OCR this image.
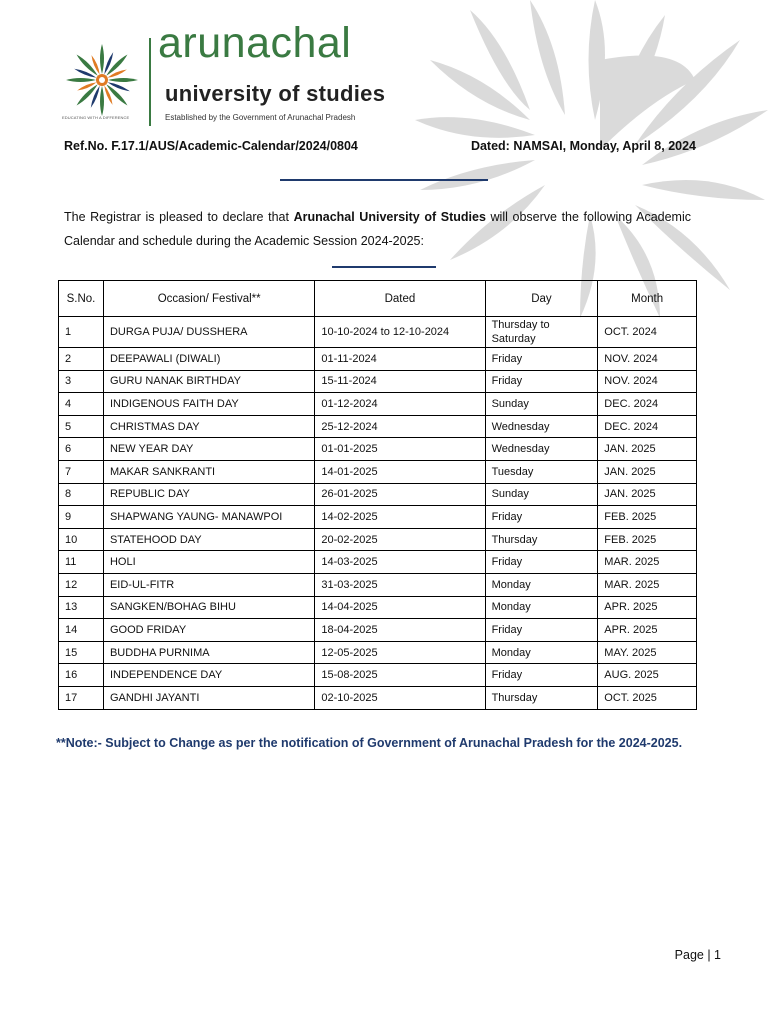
EDUCATING WITH A DIFFERENCE
arunachal
university of studies
Established by the Government of Arunachal Pradesh
Ref.No. F.17.1/AUS/Academic-Calendar/2024/0804	Dated: NAMSAI, Monday, April 8, 2024

The Registrar is pleased to declare that Arunachal University of Studies will observe the following Academic Calendar and schedule during the Academic Session 2024-2025:

S.No.	Occasion/ Festival**	Dated	Day	Month
1	DURGA PUJA/ DUSSHERA	10-10-2024 to 12-10-2024	Thursday to Saturday	OCT. 2024
2	DEEPAWALI (DIWALI)	01-11-2024	Friday	NOV. 2024
3	GURU NANAK BIRTHDAY	15-11-2024	Friday	NOV. 2024
4	INDIGENOUS FAITH DAY	01-12-2024	Sunday	DEC. 2024
5	CHRISTMAS DAY	25-12-2024	Wednesday	DEC. 2024
6	NEW YEAR DAY	01-01-2025	Wednesday	JAN. 2025
7	MAKAR SANKRANTI	14-01-2025	Tuesday	JAN. 2025
8	REPUBLIC DAY	26-01-2025	Sunday	JAN. 2025
9	SHAPWANG YAUNG- MANAWPOI	14-02-2025	Friday	FEB. 2025
10	STATEHOOD DAY	20-02-2025	Thursday	FEB. 2025
11	HOLI	14-03-2025	Friday	MAR. 2025
12	EID-UL-FITR	31-03-2025	Monday	MAR. 2025
13	SANGKEN/BOHAG BIHU	14-04-2025	Monday	APR. 2025
14	GOOD FRIDAY	18-04-2025	Friday	APR. 2025
15	BUDDHA PURNIMA	12-05-2025	Monday	MAY. 2025
16	INDEPENDENCE DAY	15-08-2025	Friday	AUG. 2025
17	GANDHI JAYANTI	02-10-2025	Thursday	OCT. 2025
**Note:- Subject to Change as per the notification of Government of Arunachal Pradesh for the 2024-2025.
Page | 1
